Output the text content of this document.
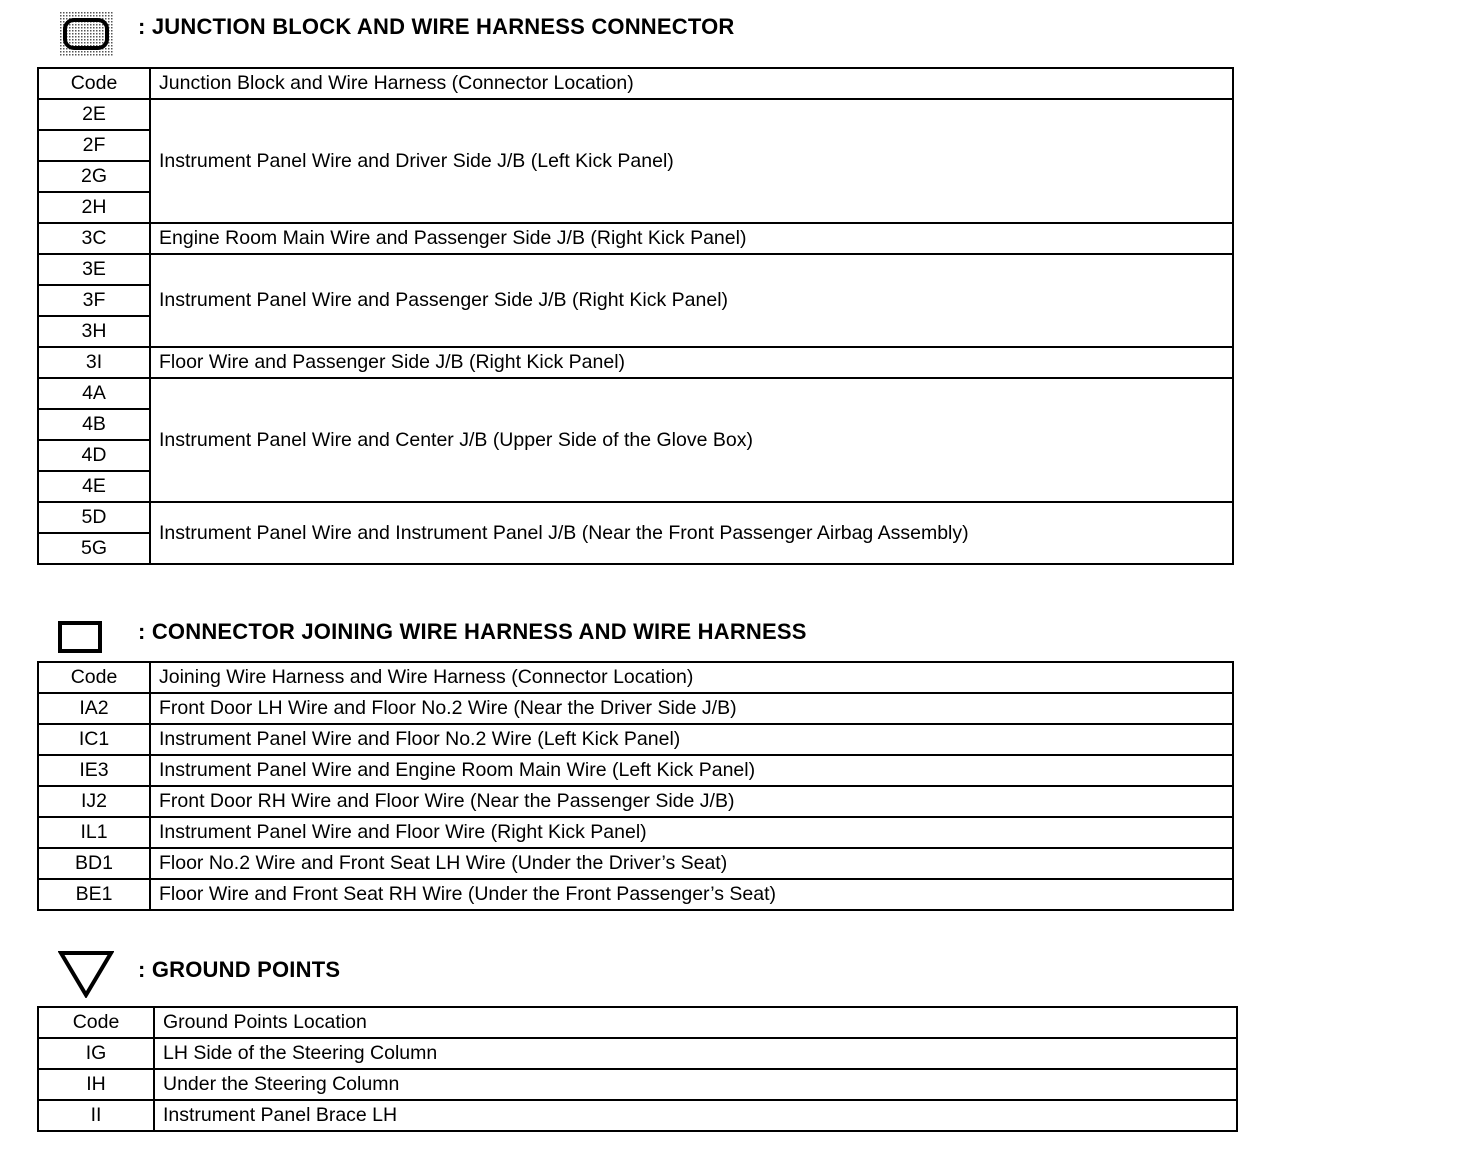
: JUNCTION BLOCK AND WIRE HARNESS CONNECTOR
Code	Junction Block and Wire Harness (Connector Location)
2E	Instrument Panel Wire and Driver Side J/B (Left Kick Panel)
2F	
2G	
2H	
3C	Engine Room Main Wire and Passenger Side J/B (Right Kick Panel)
3E	Instrument Panel Wire and Passenger Side J/B (Right Kick Panel)
3F	
3H	
3I	Floor Wire and Passenger Side J/B (Right Kick Panel)
4A	Instrument Panel Wire and Center J/B (Upper Side of the Glove Box)
4B	
4D	
4E	
5D	Instrument Panel Wire and Instrument Panel J/B (Near the Front Passenger Airbag Assembly)
5G	
: CONNECTOR JOINING WIRE HARNESS AND WIRE HARNESS
Code	Joining Wire Harness and Wire Harness (Connector Location)
IA2	Front Door LH Wire and Floor No.2 Wire (Near the Driver Side J/B)
IC1	Instrument Panel Wire and Floor No.2 Wire (Left Kick Panel)
IE3	Instrument Panel Wire and Engine Room Main Wire (Left Kick Panel)
IJ2	Front Door RH Wire and Floor Wire (Near the Passenger Side J/B)
IL1	Instrument Panel Wire and Floor Wire (Right Kick Panel)
BD1	Floor No.2 Wire and Front Seat LH Wire (Under the Driver’s Seat)
BE1	Floor Wire and Front Seat RH Wire (Under the Front Passenger’s Seat)
: GROUND POINTS
Code	Ground Points Location
IG	LH Side of the Steering Column
IH	Under the Steering Column
II	Instrument Panel Brace LH
